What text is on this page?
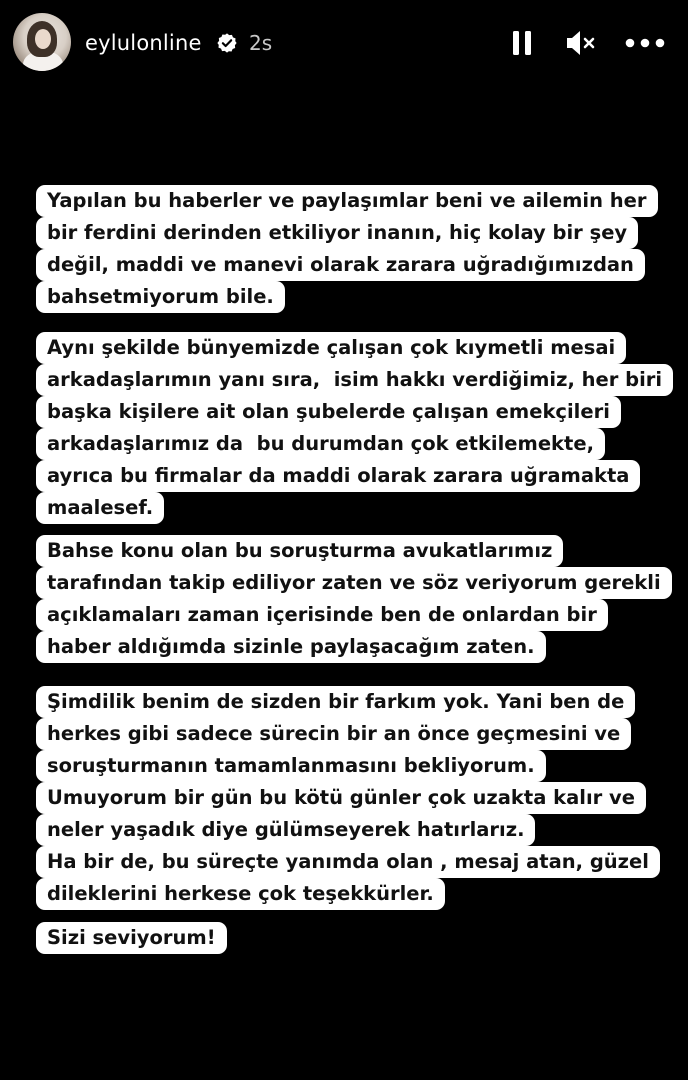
eylulonline 2s
Yapılan bu haberler ve paylaşımlar beni ve ailemin her
bir ferdini derinden etkiliyor inanın, hiç kolay bir şey
değil, maddi ve manevi olarak zarara uğradığımızdan
bahsetmiyorum bile.
Aynı şekilde bünyemizde çalışan çok kıymetli mesai
arkadaşlarımın yanı sıra,  isim hakkı verdiğimiz, her biri
başka kişilere ait olan şubelerde çalışan emekçileri
arkadaşlarımız da  bu durumdan çok etkilemekte,
ayrıca bu firmalar da maddi olarak zarara uğramakta
maalesef.
Bahse konu olan bu soruşturma avukatlarımız
tarafından takip ediliyor zaten ve söz veriyorum gerekli
açıklamaları zaman içerisinde ben de onlardan bir
haber aldığımda sizinle paylaşacağım zaten.
Şimdilik benim de sizden bir farkım yok. Yani ben de
herkes gibi sadece sürecin bir an önce geçmesini ve
soruşturmanın tamamlanmasını bekliyorum.
Umuyorum bir gün bu kötü günler çok uzakta kalır ve
neler yaşadık diye gülümseyerek hatırlarız.
Ha bir de, bu süreçte yanımda olan , mesaj atan, güzel
dileklerini herkese çok teşekkürler.
Sizi seviyorum!
